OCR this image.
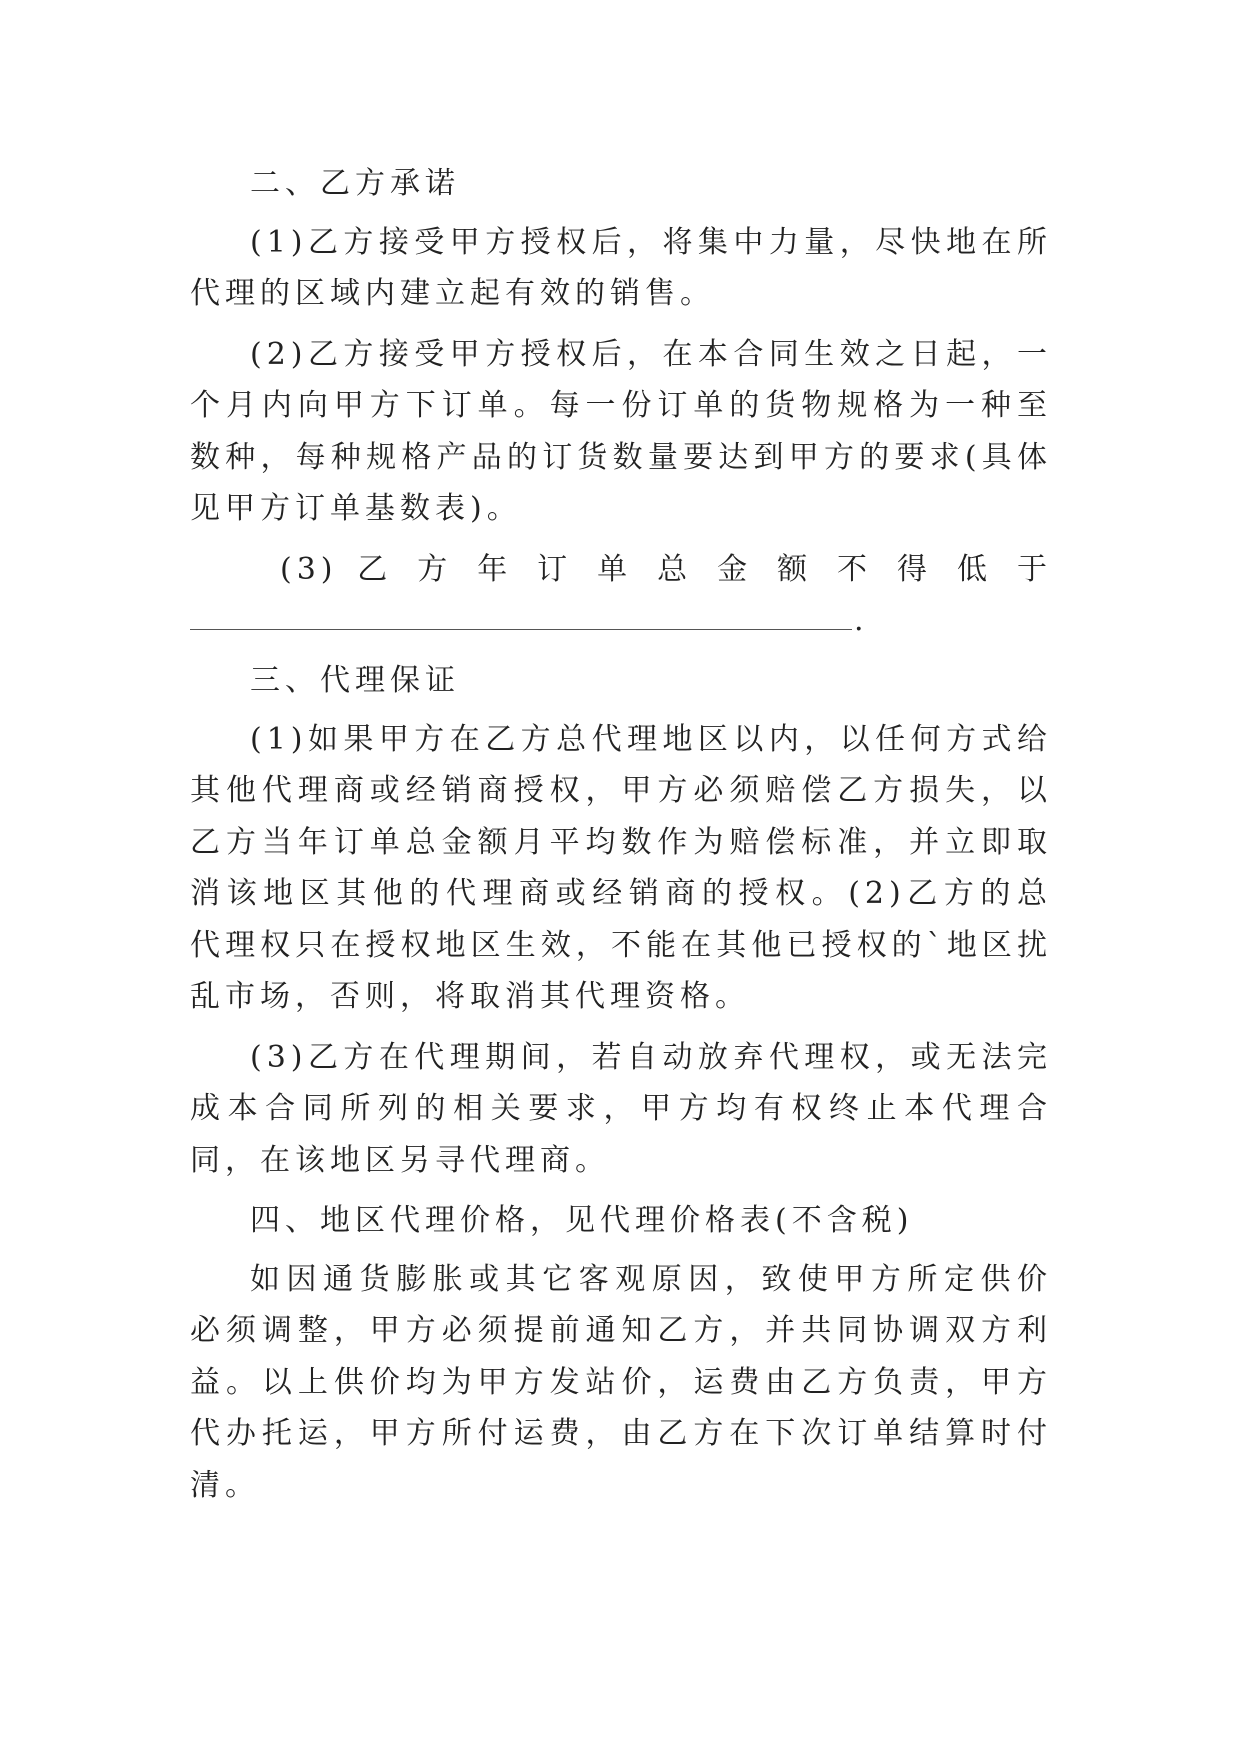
二、乙方承诺

(1)乙方接受甲方授权后，将集中力量，尽快地在所代理的区域内建立起有效的销售。

(2)乙方接受甲方授权后，在本合同生效之日起，一个月内向甲方下订单。每一份订单的货物规格为一种至数种，每种规格产品的订货数量要达到甲方的要求(具体见甲方订单基数表)。

(3) 乙 方 年 订 单 总 金 额 不 得 低 于

.

三、代理保证

(1)如果甲方在乙方总代理地区以内，以任何方式给其他代理商或经销商授权，甲方必须赔偿乙方损失，以乙方当年订单总金额月平均数作为赔偿标准，并立即取消该地区其他的代理商或经销商的授权。(2)乙方的总代理权只在授权地区生效，不能在其他已授权的`地区扰乱市场，否则，将取消其代理资格。

(3)乙方在代理期间，若自动放弃代理权，或无法完成本合同所列的相关要求，甲方均有权终止本代理合同，在该地区另寻代理商。

四、地区代理价格，见代理价格表(不含税)

如因通货膨胀或其它客观原因，致使甲方所定供价必须调整，甲方必须提前通知乙方，并共同协调双方利益。以上供价均为甲方发站价，运费由乙方负责，甲方代办托运，甲方所付运费，由乙方在下次订单结算时付清。
